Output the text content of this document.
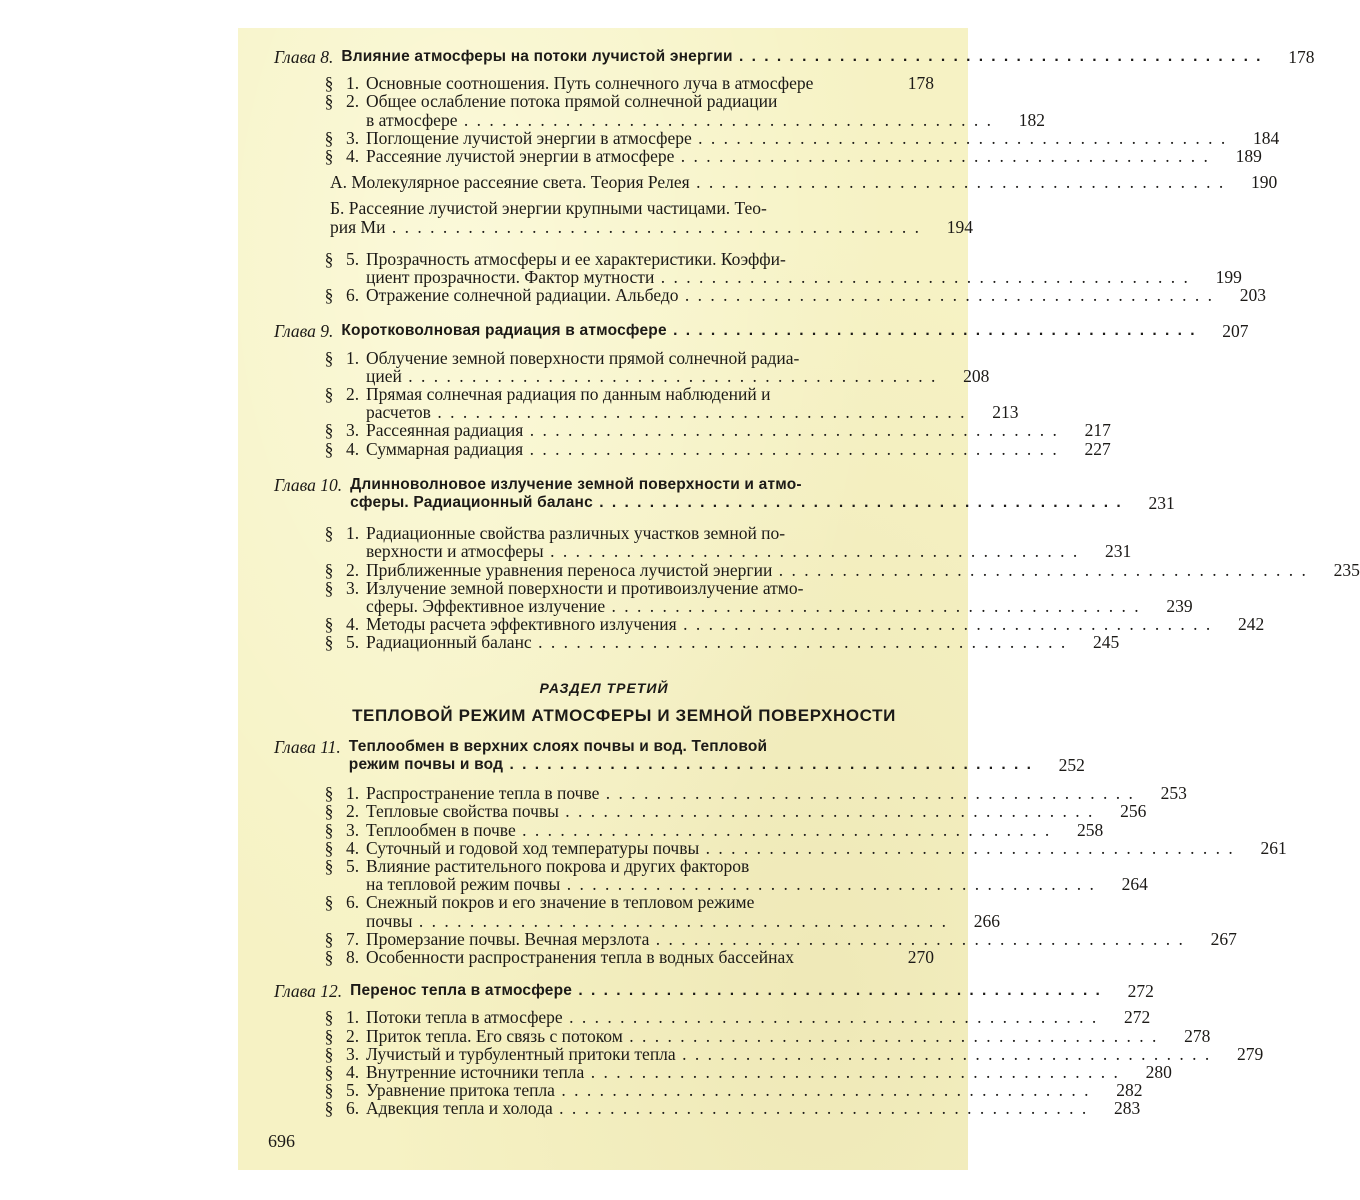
Глава 8. Влияние атмосферы на потоки лучистой энергии . . .	178
§ 1. Основные соотношения. Путь солнечного луча в атмосфере	178
§ 2. Общее ослабление потока прямой солнечной радиации
в атмосфере . . .	182
§ 3. Поглощение лучистой энергии в атмосфере . . .	184
§ 4. Рассеяние лучистой энергии в атмосфере . . .	189
А. Молекулярное рассеяние света. Теория Релея . . .	190
Б. Рассеяние лучистой энергии крупными частицами. Тео-
рия Ми . . .	194
§ 5. Прозрачность атмосферы и ее характеристики. Коэффи-
циент прозрачности. Фактор мутности . . .	199
§ 6. Отражение солнечной радиации. Альбедо . . .	203
Глава 9. Коротковолновая радиация в атмосфере . . .	207
§ 1. Облучение земной поверхности прямой солнечной радиа-
цией . . .	208
§ 2. Прямая солнечная радиация по данным наблюдений и
расчетов . . .	213
§ 3. Рассеянная радиация . . .	217
§ 4. Суммарная радиация . . .	227
Глава 10. Длинноволновое излучение земной поверхности и атмо-
сферы. Радиационный баланс . . .	231
§ 1. Радиационные свойства различных участков земной по-
верхности и атмосферы . . .	231
§ 2. Приближенные уравнения переноса лучистой энергии . . .	235
§ 3. Излучение земной поверхности и противоизлучение атмо-
сферы. Эффективное излучение . . .	239
§ 4. Методы расчета эффективного излучения . . .	242
§ 5. Радиационный баланс . . .	245
РАЗДЕЛ ТРЕТИЙ
ТЕПЛОВОЙ РЕЖИМ АТМОСФЕРЫ И ЗЕМНОЙ ПОВЕРХНОСТИ
Глава 11. Теплообмен в верхних слоях почвы и вод. Тепловой
режим почвы и вод . . .	252
§ 1. Распространение тепла в почве . . .	253
§ 2. Тепловые свойства почвы . . .	256
§ 3. Теплообмен в почве . . .	258
§ 4. Суточный и годовой ход температуры почвы . . .	261
§ 5. Влияние растительного покрова и других факторов
на тепловой режим почвы . . .	264
§ 6. Снежный покров и его значение в тепловом режиме
почвы . . .	266
§ 7. Промерзание почвы. Вечная мерзлота . . .	267
§ 8. Особенности распространения тепла в водных бассейнах	270
Глава 12. Перенос тепла в атмосфере . . .	272
§ 1. Потоки тепла в атмосфере . . .	272
§ 2. Приток тепла. Его связь с потоком . . .	278
§ 3. Лучистый и турбулентный притоки тепла . . .	279
§ 4. Внутренние источники тепла . . .	280
§ 5. Уравнение притока тепла . . .	282
§ 6. Адвекция тепла и холода . . .	283
696
